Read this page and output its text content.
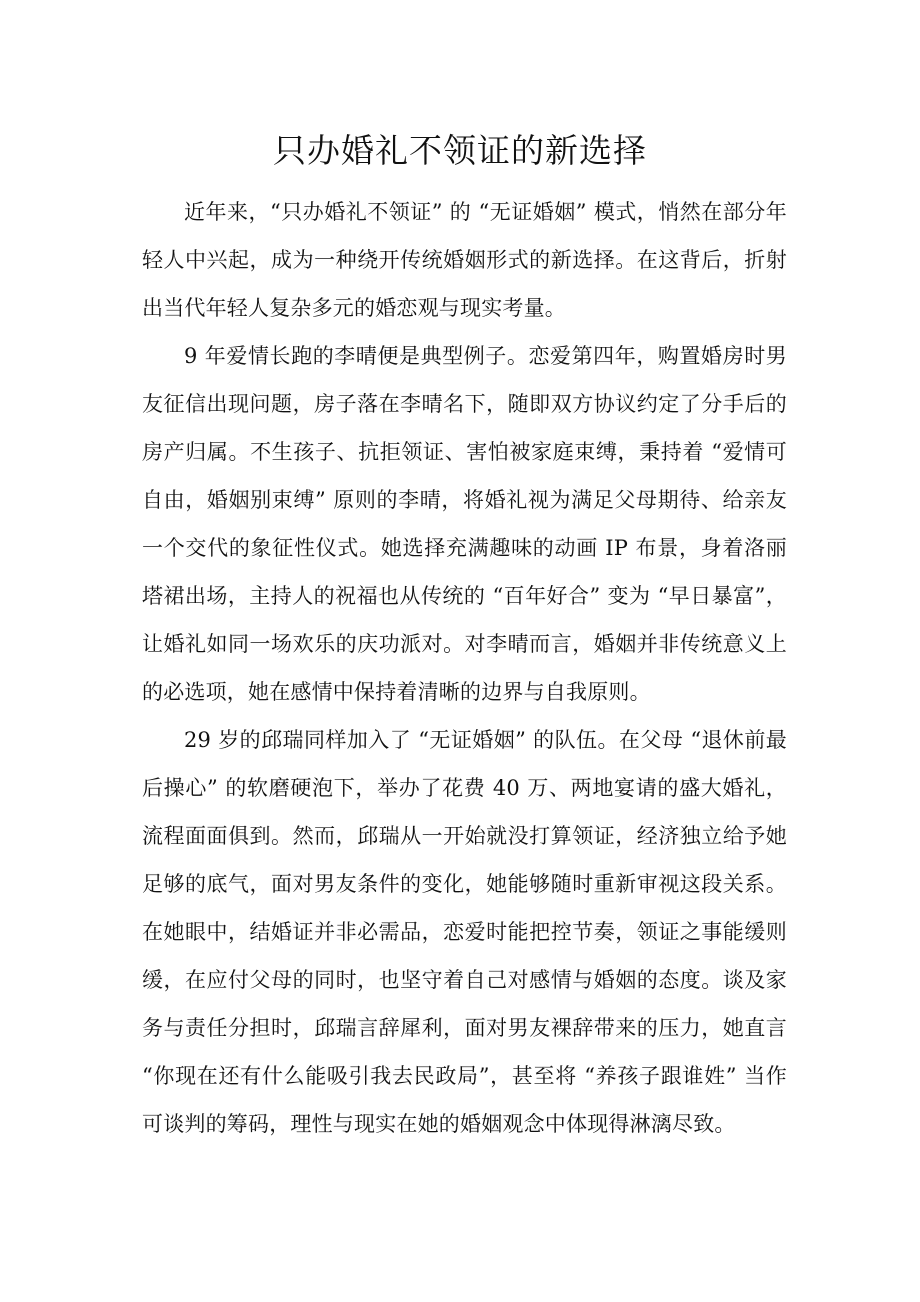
只办婚礼不领证的新选择

近年来，“只办婚礼不领证” 的 “无证婚姻” 模式，悄然在部分年轻人中兴起，成为一种绕开传统婚姻形式的新选择。在这背后，折射出当代年轻人复杂多元的婚恋观与现实考量。

9 年爱情长跑的李晴便是典型例子。恋爱第四年，购置婚房时男友征信出现问题，房子落在李晴名下，随即双方协议约定了分手后的房产归属。不生孩子、抗拒领证、害怕被家庭束缚，秉持着 “爱情可自由，婚姻别束缚” 原则的李晴，将婚礼视为满足父母期待、给亲友一个交代的象征性仪式。她选择充满趣味的动画 IP 布景，身着洛丽塔裙出场，主持人的祝福也从传统的 “百年好合” 变为 “早日暴富”，让婚礼如同一场欢乐的庆功派对。对李晴而言，婚姻并非传统意义上的必选项，她在感情中保持着清晰的边界与自我原则。

29 岁的邱瑞同样加入了 “无证婚姻” 的队伍。在父母 “退休前最后操心” 的软磨硬泡下，举办了花费 40 万、两地宴请的盛大婚礼，流程面面俱到。然而，邱瑞从一开始就没打算领证，经济独立给予她足够的底气，面对男友条件的变化，她能够随时重新审视这段关系。在她眼中，结婚证并非必需品，恋爱时能把控节奏，领证之事能缓则缓，在应付父母的同时，也坚守着自己对感情与婚姻的态度。谈及家务与责任分担时，邱瑞言辞犀利，面对男友裸辞带来的压力，她直言 “你现在还有什么能吸引我去民政局”，甚至将 “养孩子跟谁姓” 当作可谈判的筹码，理性与现实在她的婚姻观念中体现得淋漓尽致。
